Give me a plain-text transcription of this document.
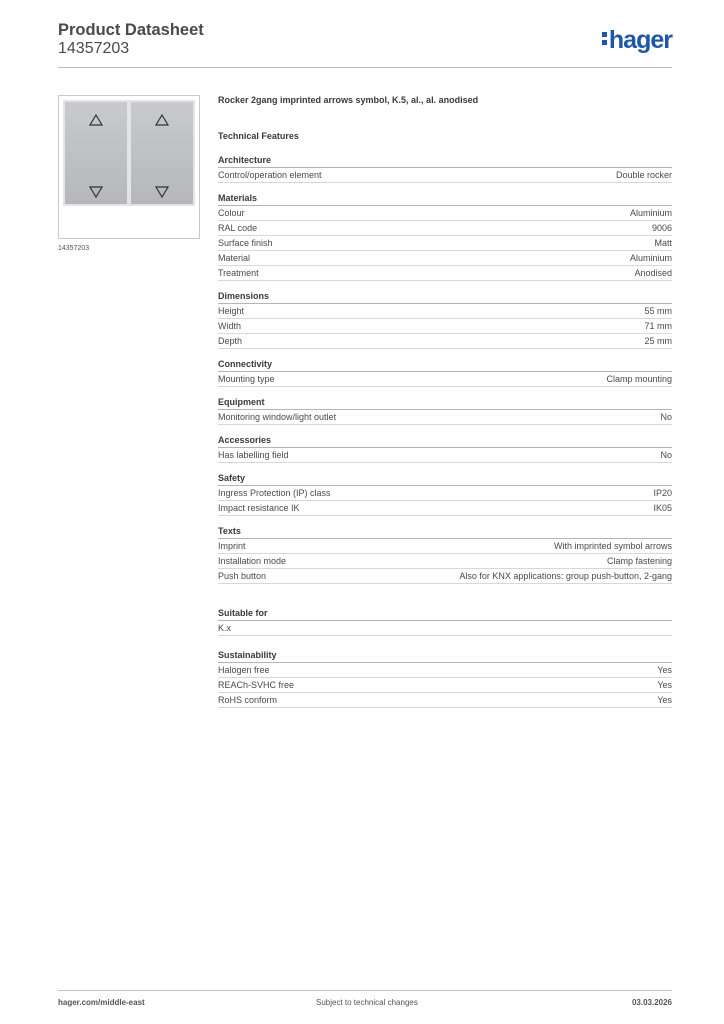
Product Datasheet
14357203	hager
14357203
Rocker 2gang imprinted arrows symbol, K.5, al., al. anodised
Technical Features
Architecture
Control/operation element	Double rocker
Materials
Colour	Aluminium
RAL code	9006
Surface finish	Matt
Material	Aluminium
Treatment	Anodised
Dimensions
Height	55 mm
Width	71 mm
Depth	25 mm
Connectivity
Mounting type	Clamp mounting
Equipment
Monitoring window/light outlet	No
Accessories
Has labelling field	No
Safety
Ingress Protection (IP) class	IP20
Impact resistance IK	IK05
Texts
Imprint	With imprinted symbol arrows
Installation mode	Clamp fastening
Push button	Also for KNX applications: group push-button, 2-gang
Suitable for
K.x
Sustainability
Halogen free	Yes
REACh-SVHC free	Yes
RoHS conform	Yes
hager.com/middle-east	Subject to technical changes	03.03.2026
